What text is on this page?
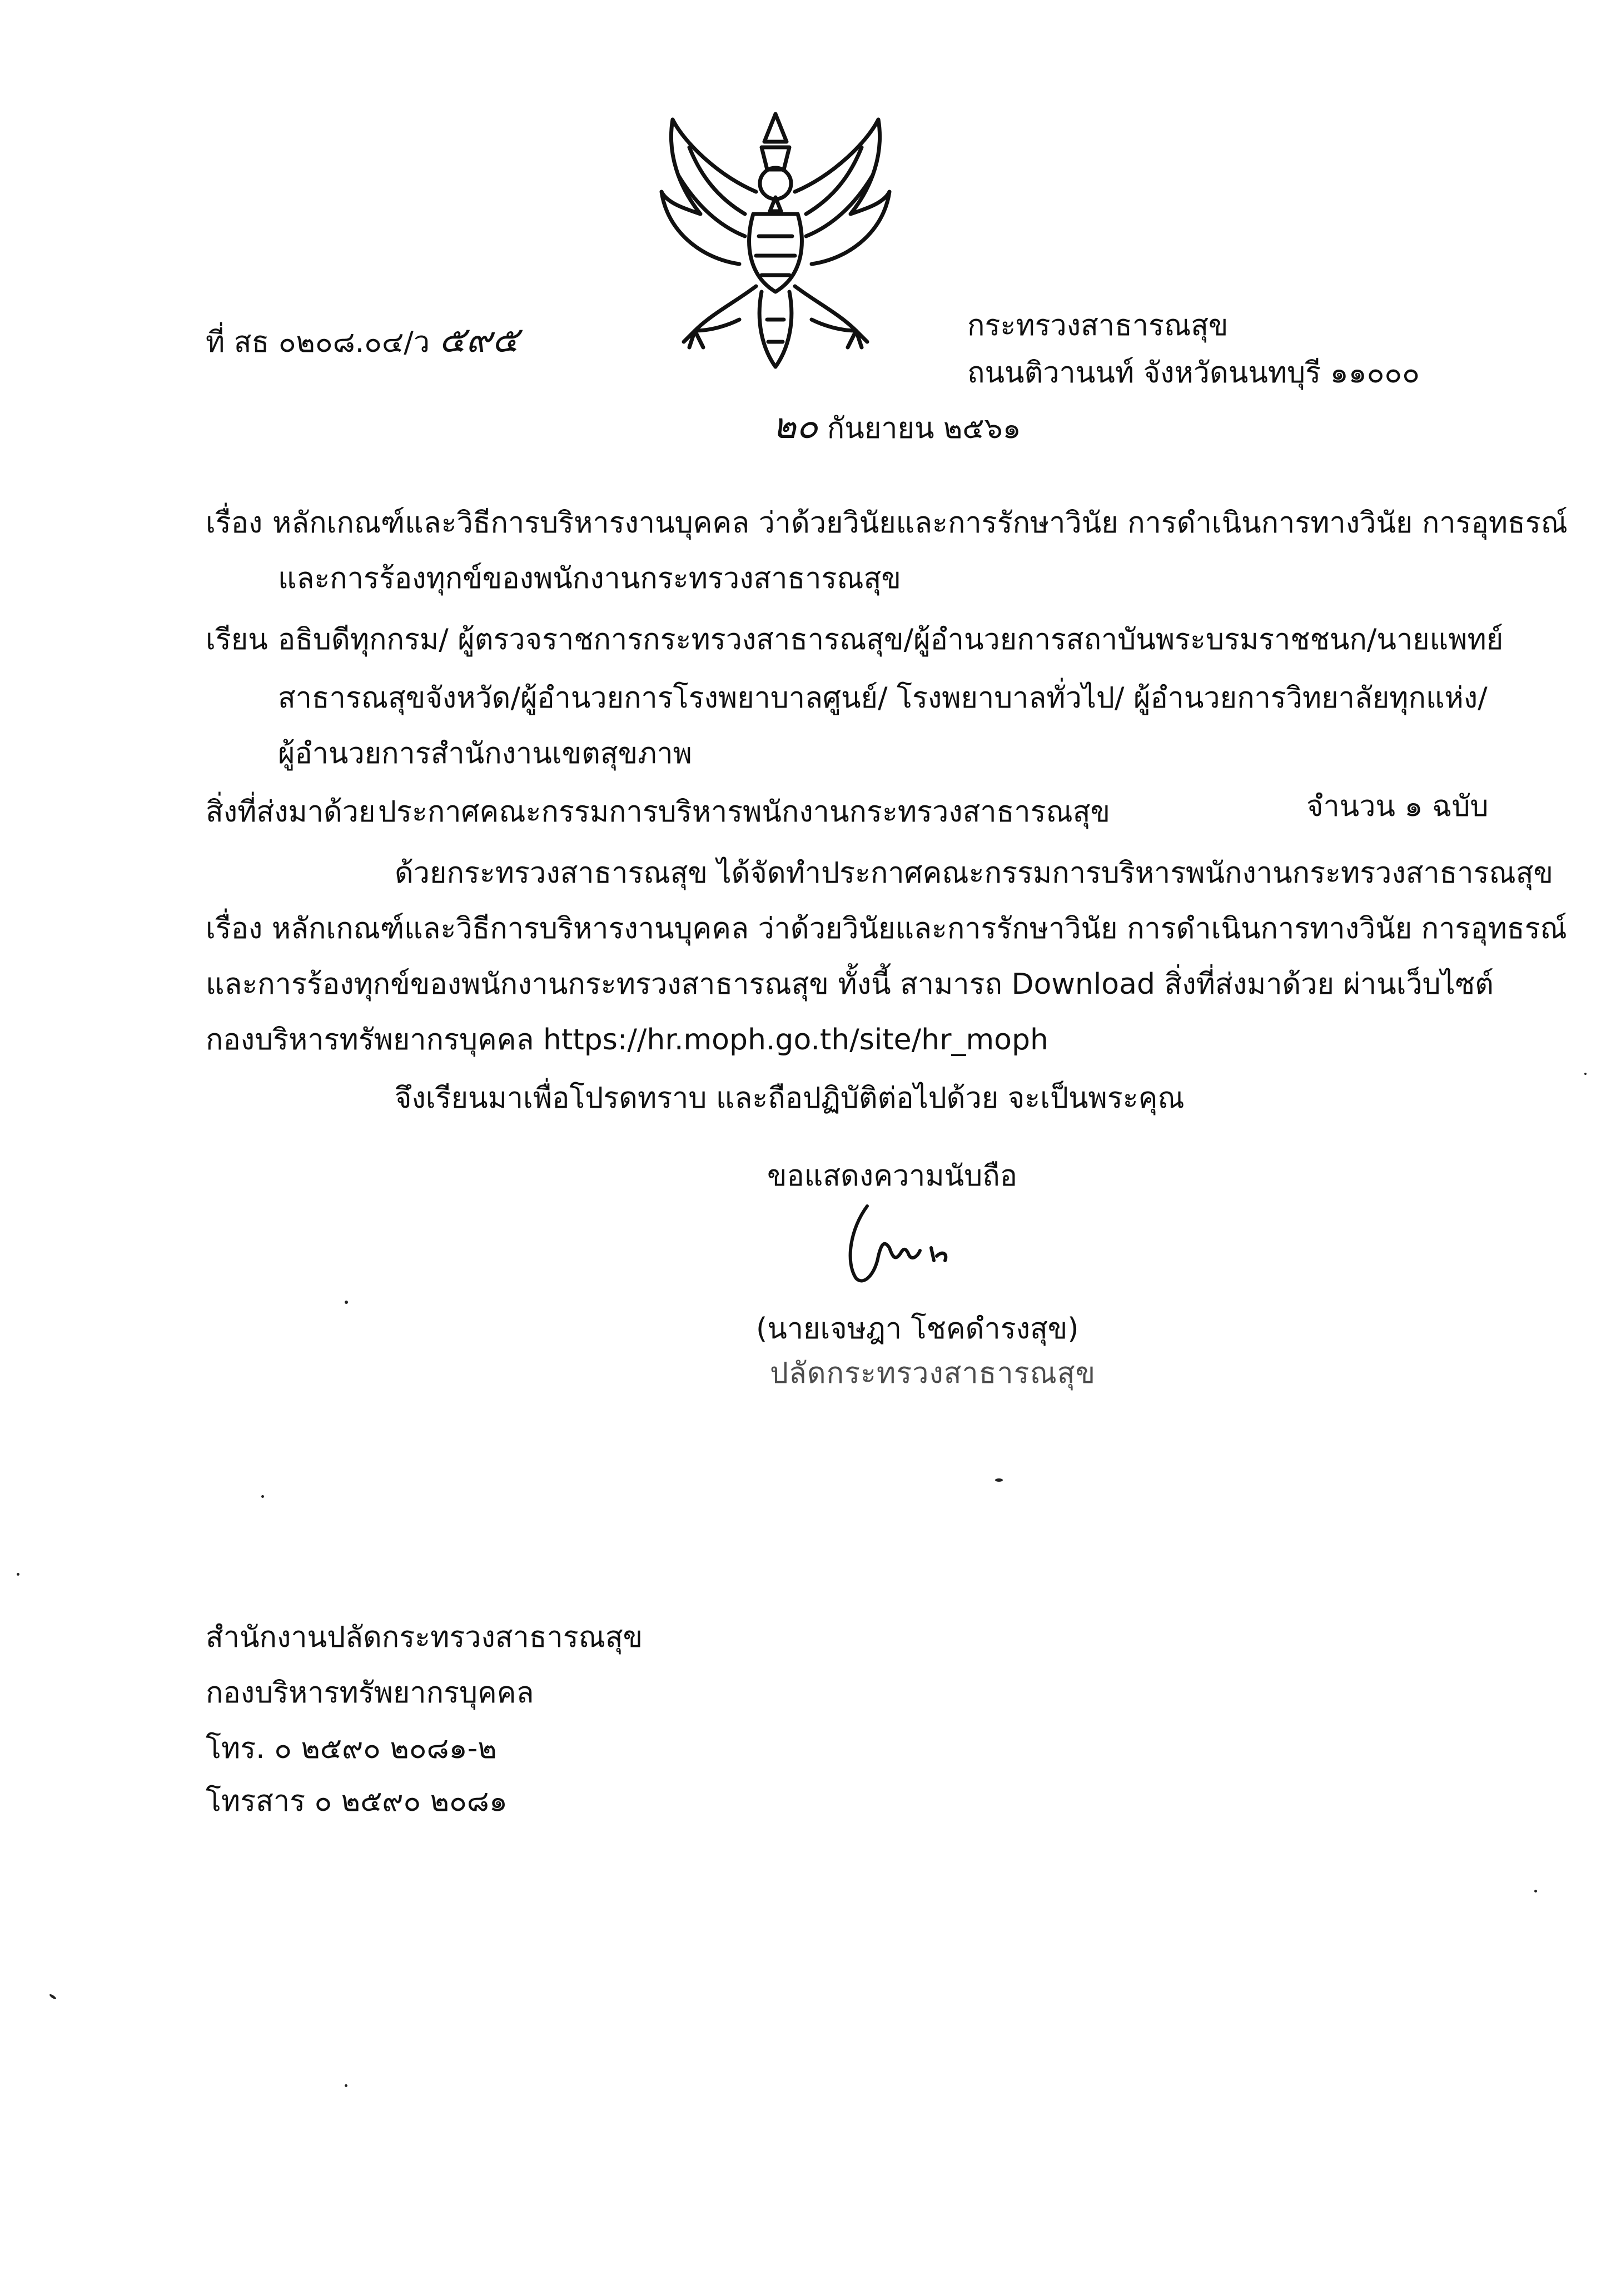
ที่ สธ ๐๒๐๘.๐๔/ว ๕๙๕	กระทรวงสาธารณสุข
ถนนติวานนท์ จังหวัดนนทบุรี ๑๑๐๐๐
๒๐ กันยายน ๒๕๖๑
เรื่อง หลักเกณฑ์และวิธีการบริหารงานบุคคล ว่าด้วยวินัยและการรักษาวินัย การดำเนินการทางวินัย การอุทธรณ์
และการร้องทุกข์ของพนักงานกระทรวงสาธารณสุข
เรียน อธิบดีทุกกรม/ ผู้ตรวจราชการกระทรวงสาธารณสุข/ผู้อำนวยการสถาบันพระบรมราชชนก/นายแพทย์
สาธารณสุขจังหวัด/ผู้อำนวยการโรงพยาบาลศูนย์/ โรงพยาบาลทั่วไป/ ผู้อำนวยการวิทยาลัยทุกแห่ง/
ผู้อำนวยการสำนักงานเขตสุขภาพ
สิ่งที่ส่งมาด้วย ประกาศคณะกรรมการบริหารพนักงานกระทรวงสาธารณสุข	จำนวน ๑ ฉบับ
ด้วยกระทรวงสาธารณสุข ได้จัดทำประกาศคณะกรรมการบริหารพนักงานกระทรวงสาธารณสุข
เรื่อง หลักเกณฑ์และวิธีการบริหารงานบุคคล ว่าด้วยวินัยและการรักษาวินัย การดำเนินการทางวินัย การอุทธรณ์
และการร้องทุกข์ของพนักงานกระทรวงสาธารณสุข ทั้งนี้ สามารถ Download สิ่งที่ส่งมาด้วย ผ่านเว็บไซต์
กองบริหารทรัพยากรบุคคล https://hr.moph.go.th/site/hr_moph
จึงเรียนมาเพื่อโปรดทราบ และถือปฏิบัติต่อไปด้วย จะเป็นพระคุณ
ขอแสดงความนับถือ
(นายเจษฎา โชคดำรงสุข)
ปลัดกระทรวงสาธารณสุข
สำนักงานปลัดกระทรวงสาธารณสุข
กองบริหารทรัพยากรบุคคล
โทร. ๐ ๒๕๙๐ ๒๐๘๑-๒
โทรสาร ๐ ๒๕๙๐ ๒๐๘๑
